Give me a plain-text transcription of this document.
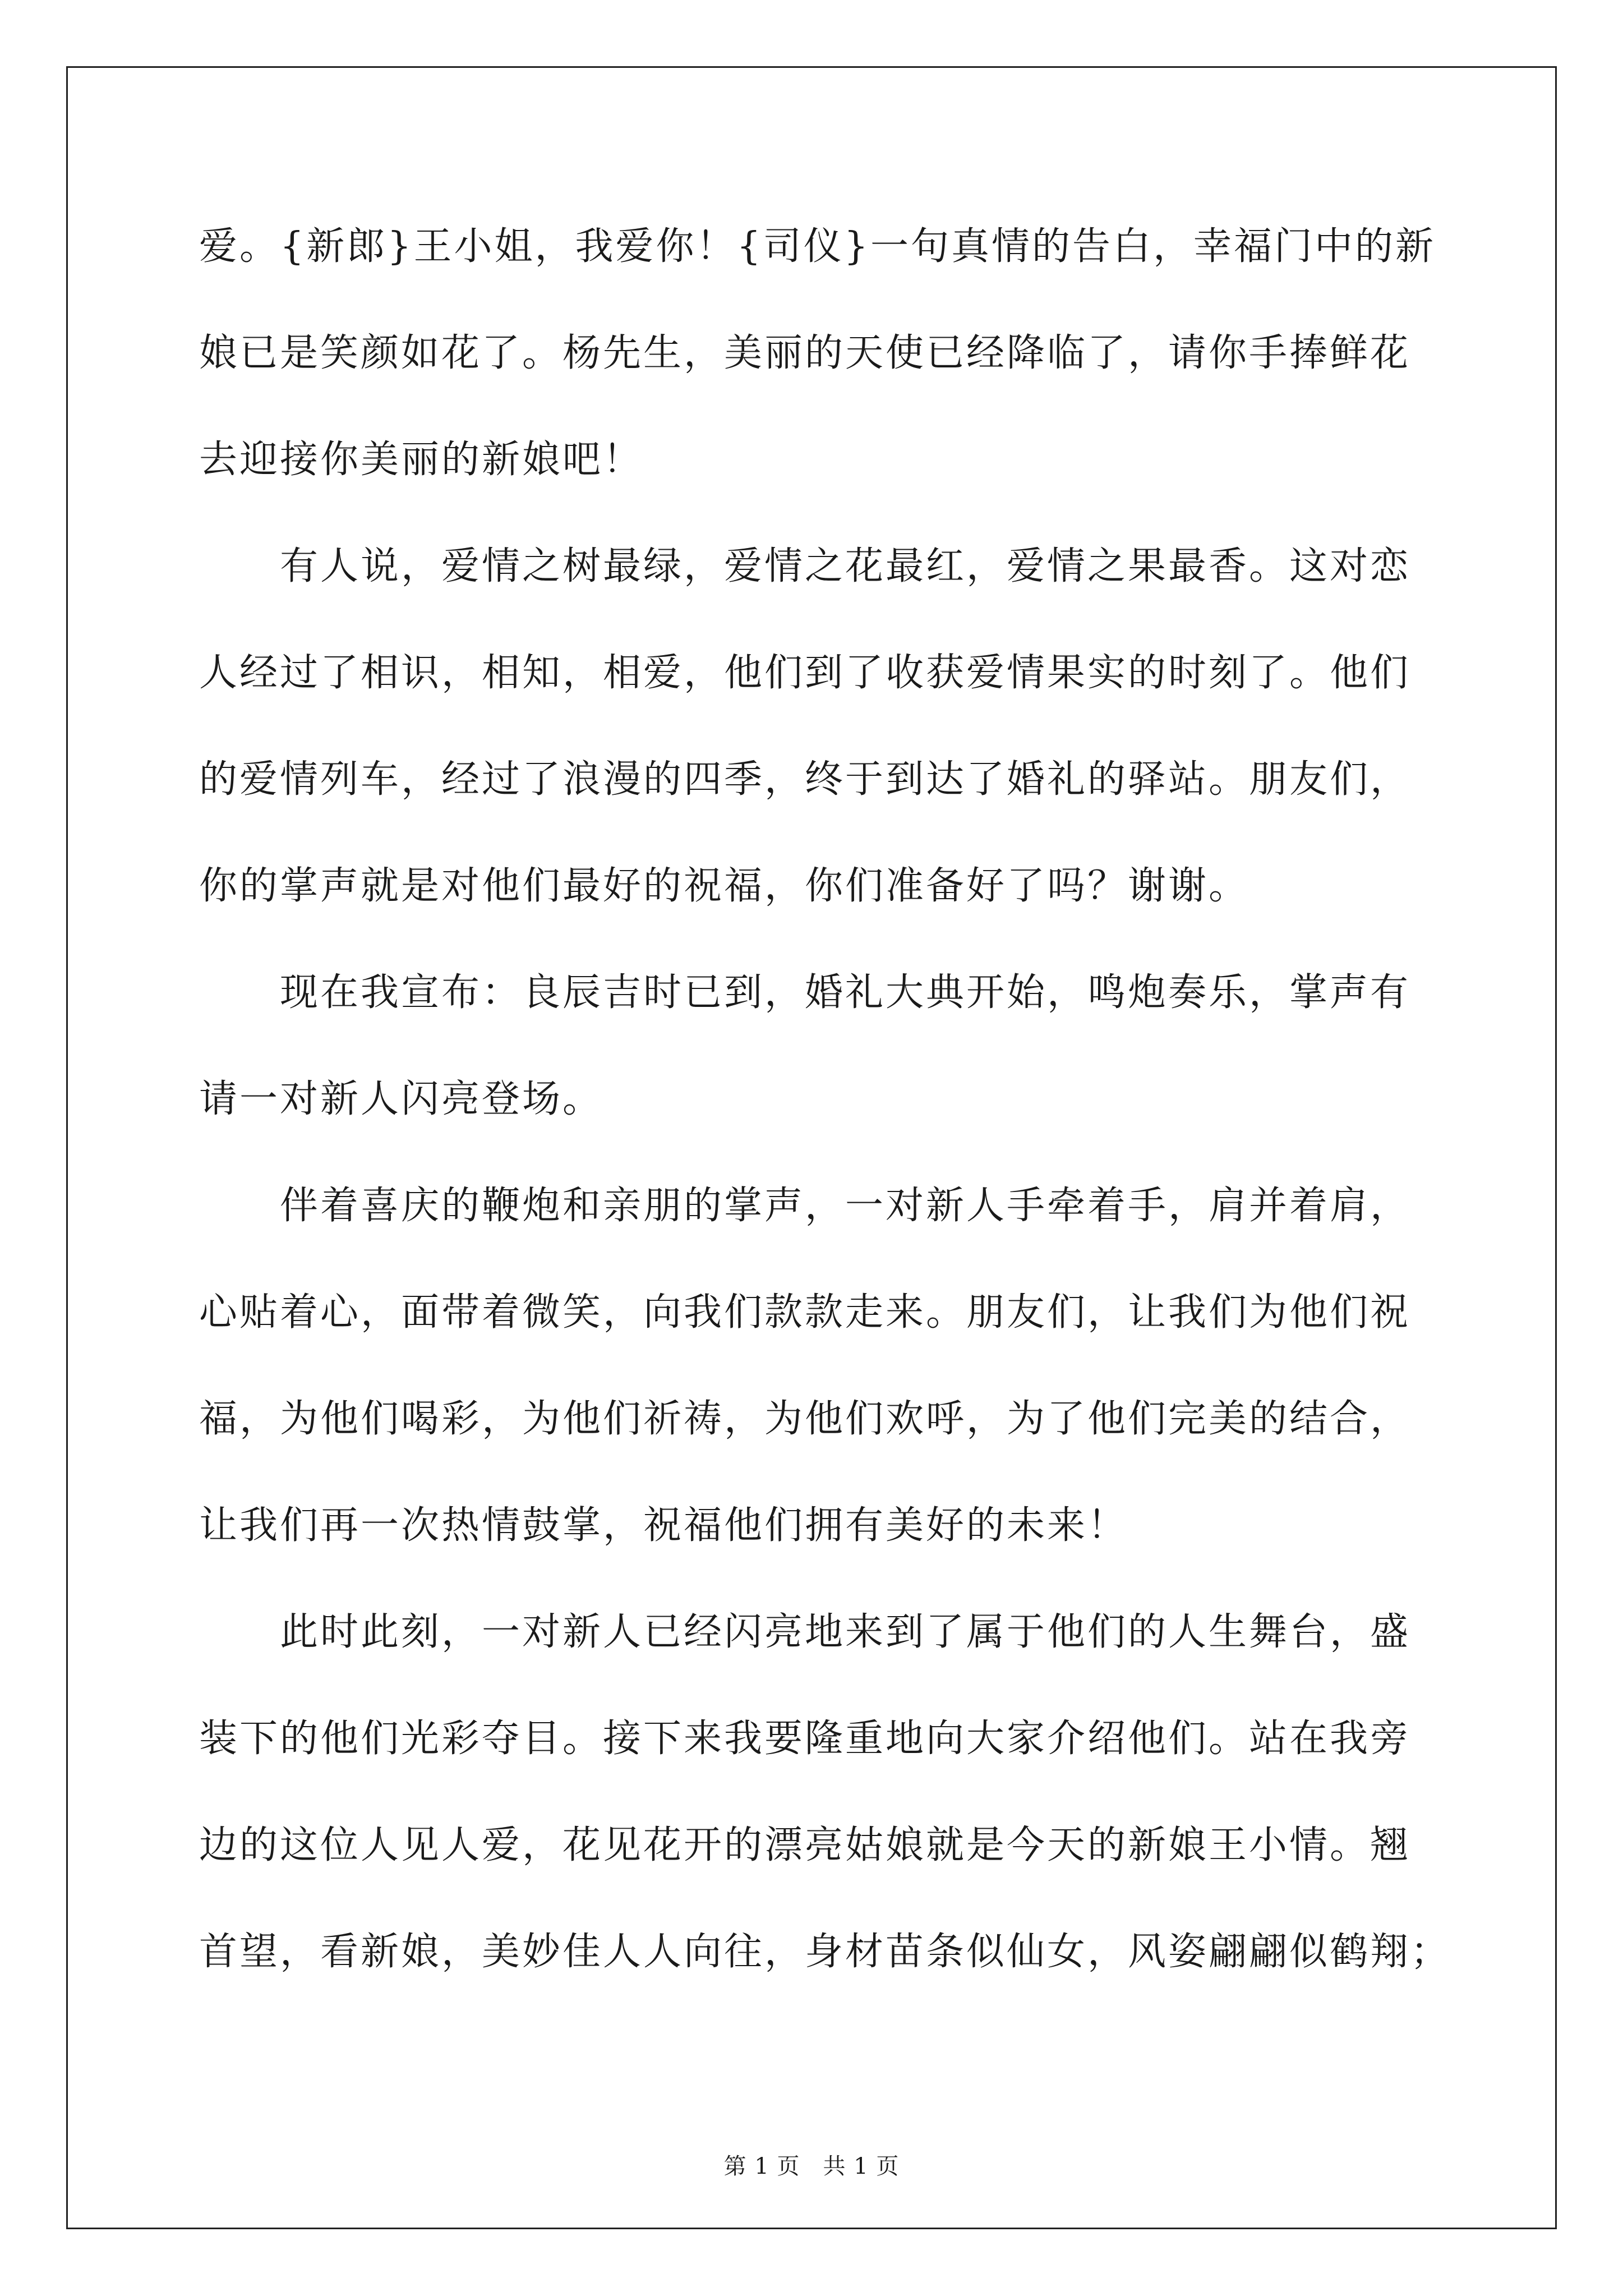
爱。{新郎}王小姐，我爱你！{司仪}一句真情的告白，幸福门中的新
娘已是笑颜如花了。杨先生，美丽的天使已经降临了，请你手捧鲜花
去迎接你美丽的新娘吧！
　　有人说，爱情之树最绿，爱情之花最红，爱情之果最香。这对恋
人经过了相识，相知，相爱，他们到了收获爱情果实的时刻了。他们
的爱情列车，经过了浪漫的四季，终于到达了婚礼的驿站。朋友们，
你的掌声就是对他们最好的祝福，你们准备好了吗？谢谢。
　　现在我宣布：良辰吉时已到，婚礼大典开始，鸣炮奏乐，掌声有
请一对新人闪亮登场。
　　伴着喜庆的鞭炮和亲朋的掌声，一对新人手牵着手，肩并着肩，
心贴着心，面带着微笑，向我们款款走来。朋友们，让我们为他们祝
福，为他们喝彩，为他们祈祷，为他们欢呼，为了他们完美的结合，
让我们再一次热情鼓掌，祝福他们拥有美好的未来！
　　此时此刻，一对新人已经闪亮地来到了属于他们的人生舞台，盛
装下的他们光彩夺目。接下来我要隆重地向大家介绍他们。站在我旁
边的这位人见人爱，花见花开的漂亮姑娘就是今天的新娘王小情。翘
首望，看新娘，美妙佳人人向往，身材苗条似仙女，风姿翩翩似鹤翔；
第 1 页　共 1 页
